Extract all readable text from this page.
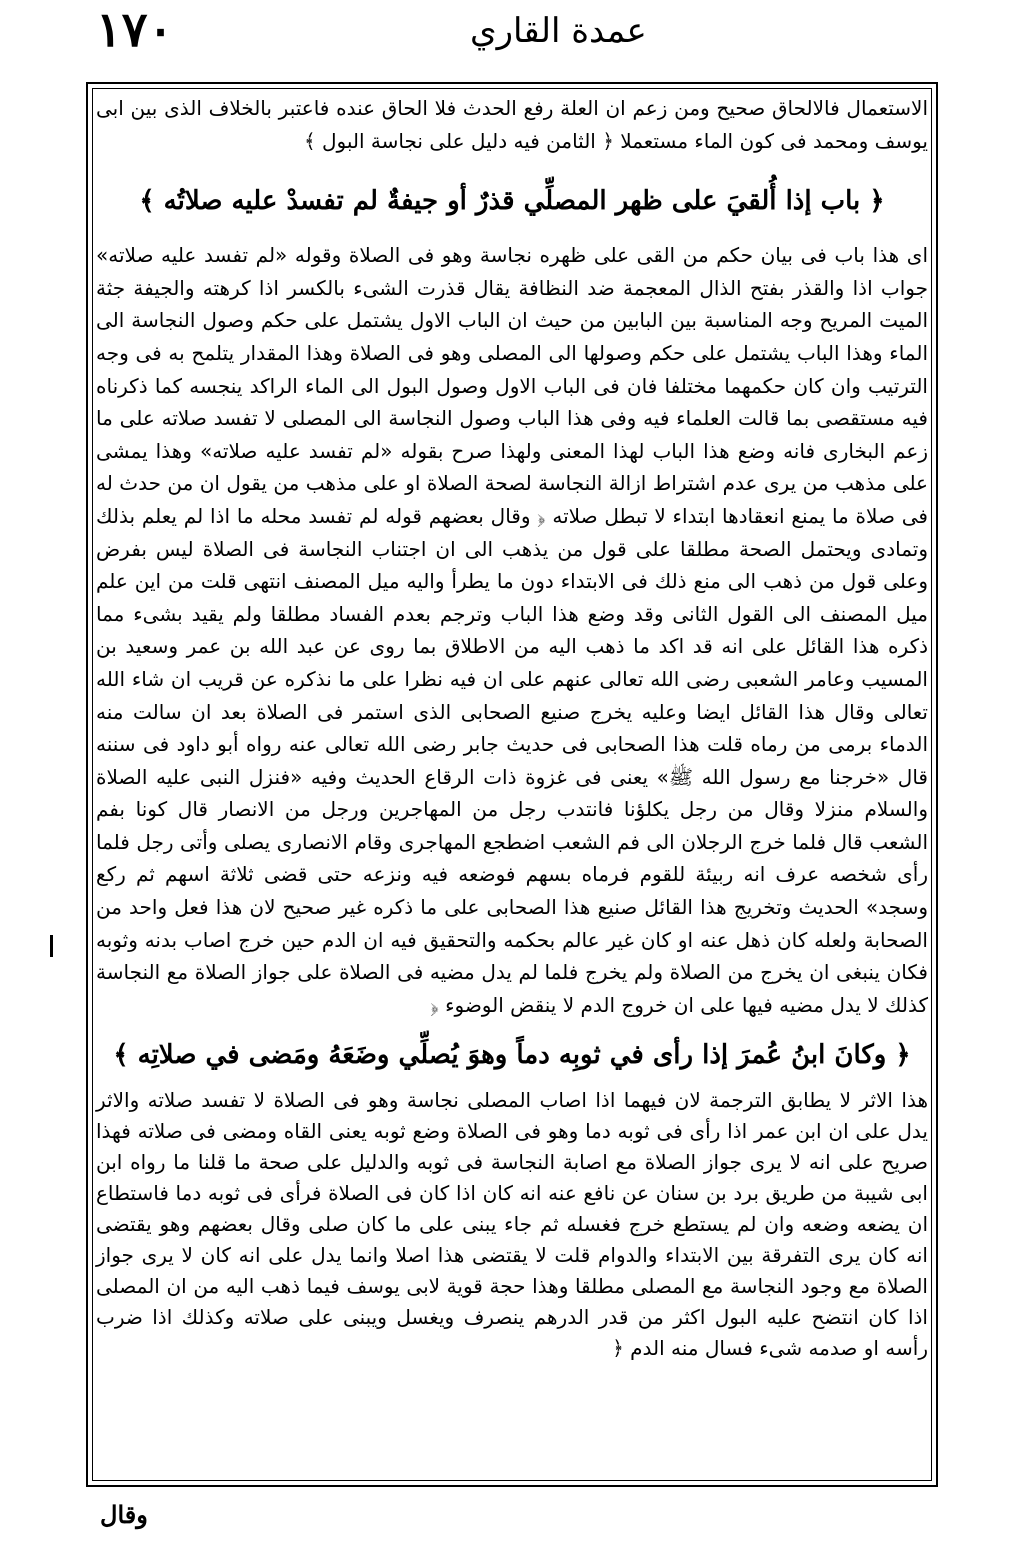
عمدة القاري
١٧٠

الاستعمال فالالحاق صحيح ومن زعم ان العلة رفع الحدث فلا الحاق عنده فاعتبر بالخلاف الذى بين ابى يوسف ومحمد فى كون الماء مستعملا ﴿ الثامن فيه دليل على نجاسة البول ﴾

﴿ باب إذا أُلقيَ على ظهر المصلِّي قذرٌ أو جيفةٌ لم تفسدْ عليه صلاتُه ﴾

اى هذا باب فى بيان حكم من القى على ظهره نجاسة وهو فى الصلاة وقوله «لم تفسد عليه صلاته» جواب اذا والقذر بفتح الذال المعجمة ضد النظافة يقال قذرت الشىء بالكسر اذا كرهته والجيفة جثة الميت المريح وجه المناسبة بين البابين من حيث ان الباب الاول يشتمل على حكم وصول النجاسة الى الماء وهذا الباب يشتمل على حكم وصولها الى المصلى وهو فى الصلاة وهذا المقدار يتلمح به فى وجه الترتيب وان كان حكمهما مختلفا فان فى الباب الاول وصول البول الى الماء الراكد ينجسه كما ذكرناه فيه مستقصى بما قالت العلماء فيه وفى هذا الباب وصول النجاسة الى المصلى لا تفسد صلاته على ما زعم البخارى فانه وضع هذا الباب لهذا المعنى ولهذا صرح بقوله «لم تفسد عليه صلاته» وهذا يمشى على مذهب من يرى عدم اشتراط ازالة النجاسة لصحة الصلاة او على مذهب من يقول ان من حدث له فى صلاة ما يمنع انعقادها ابتداء لا تبطل صلاته ﴿ وقال بعضهم قوله لم تفسد محله ما اذا لم يعلم بذلك وتمادى ويحتمل الصحة مطلقا على قول من يذهب الى ان اجتناب النجاسة فى الصلاة ليس بفرض وعلى قول من ذهب الى منع ذلك فى الابتداء دون ما يطرأ واليه ميل المصنف انتهى قلت من اين علم ميل المصنف الى القول الثانى وقد وضع هذا الباب وترجم بعدم الفساد مطلقا ولم يقيد بشىء مما ذكره هذا القائل على انه قد اكد ما ذهب اليه من الاطلاق بما روى عن عبد الله بن عمر وسعيد بن المسيب وعامر الشعبى رضى الله تعالى عنهم على ان فيه نظرا على ما نذكره عن قريب ان شاء الله تعالى وقال هذا القائل ايضا وعليه يخرج صنيع الصحابى الذى استمر فى الصلاة بعد ان سالت منه الدماء برمى من رماه قلت هذا الصحابى فى حديث جابر رضى الله تعالى عنه رواه أبو داود فى سننه قال «خرجنا مع رسول الله ﷺ» يعنى فى غزوة ذات الرقاع الحديث وفيه «فنزل النبى عليه الصلاة والسلام منزلا وقال من رجل يكلؤنا فانتدب رجل من المهاجرين ورجل من الانصار قال كونا بفم الشعب قال فلما خرج الرجلان الى فم الشعب اضطجع المهاجرى وقام الانصارى يصلى وأتى رجل فلما رأى شخصه عرف انه ربيئة للقوم فرماه بسهم فوضعه فيه ونزعه حتى قضى ثلاثة اسهم ثم ركع وسجد» الحديث وتخريج هذا القائل صنيع هذا الصحابى على ما ذكره غير صحيح لان هذا فعل واحد من الصحابة ولعله كان ذهل عنه او كان غير عالم بحكمه والتحقيق فيه ان الدم حين خرج اصاب بدنه وثوبه فكان ينبغى ان يخرج من الصلاة ولم يخرج فلما لم يدل مضيه فى الصلاة على جواز الصلاة مع النجاسة كذلك لا يدل مضيه فيها على ان خروج الدم لا ينقض الوضوء ﴿

﴿ وكانَ ابنُ عُمرَ إذا رأى في ثوبِه دماً وهوَ يُصلِّي وضَعَهُ ومَضى في صلاتِه ﴾

هذا الاثر لا يطابق الترجمة لان فيهما اذا اصاب المصلى نجاسة وهو فى الصلاة لا تفسد صلاته والاثر يدل على ان ابن عمر اذا رأى فى ثوبه دما وهو فى الصلاة وضع ثوبه يعنى القاه ومضى فى صلاته فهذا صريح على انه لا يرى جواز الصلاة مع اصابة النجاسة فى ثوبه والدليل على صحة ما قلنا ما رواه ابن ابى شيبة من طريق برد بن سنان عن نافع عنه انه كان اذا كان فى الصلاة فرأى فى ثوبه دما فاستطاع ان يضعه وضعه وان لم يستطع خرج فغسله ثم جاء يبنى على ما كان صلى وقال بعضهم وهو يقتضى انه كان يرى التفرقة بين الابتداء والدوام قلت لا يقتضى هذا اصلا وانما يدل على انه كان لا يرى جواز الصلاة مع وجود النجاسة مع المصلى مطلقا وهذا حجة قوية لابى يوسف فيما ذهب اليه من ان المصلى اذا كان انتضح عليه البول اكثر من قدر الدرهم ينصرف ويغسل ويبنى على صلاته وكذلك اذا ضرب رأسه او صدمه شىء فسال منه الدم ﴿

وقال
